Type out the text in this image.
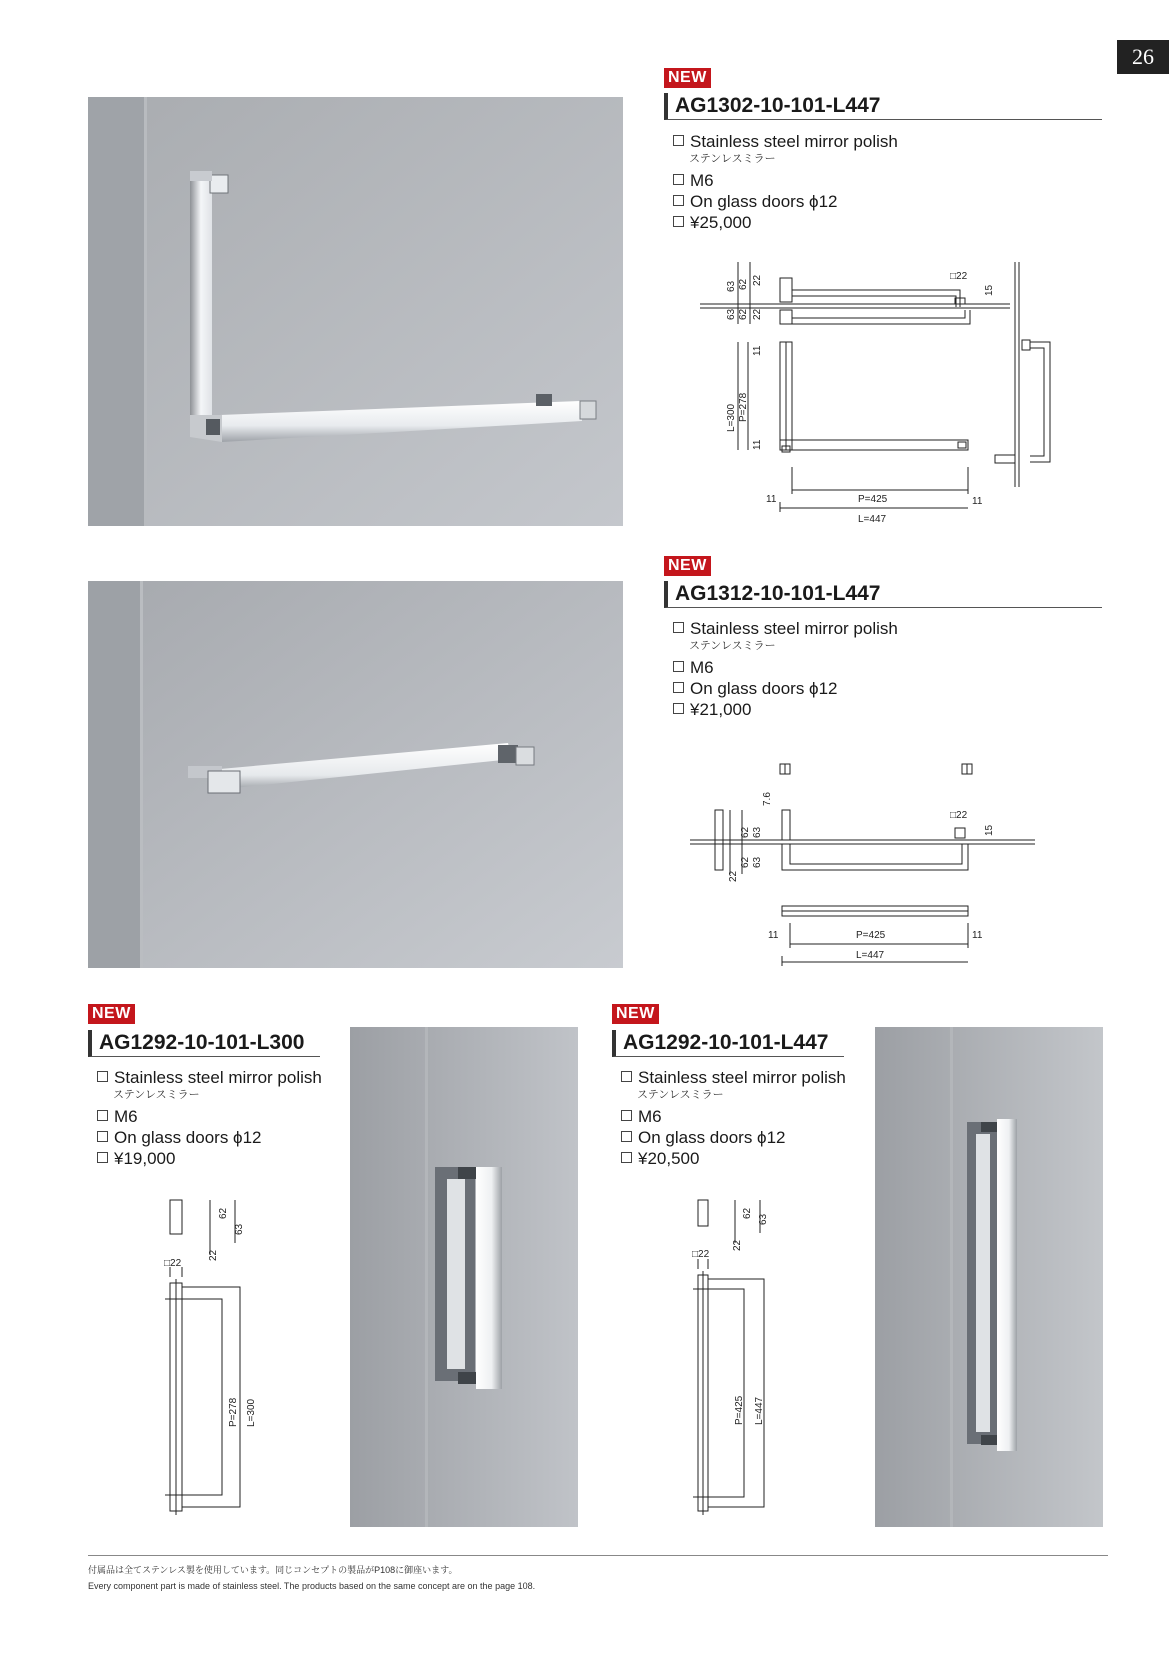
26
NEW
AG1302-10-101-L447
Stainless steel mirror polish
ステンレスミラー
M6
On glass doors ϕ12
¥25,000
63 62 22
63 62 22
11
L=300 P=278
11
□22
15
11	P=425	11
L=447
NEW
AG1312-10-101-L447
Stainless steel mirror polish
ステンレスミラー
M6
On glass doors ϕ12
¥21,000
7.6
62 63
63
62
22
□22
15
11	P=425	11
L=447
NEW
AG1292-10-101-L300
Stainless steel mirror polish
ステンレスミラー
M6
On glass doors ϕ12
¥19,000
62
63
22
□22
P=278 L=300
NEW
AG1292-10-101-L447
Stainless steel mirror polish
ステンレスミラー
M6
On glass doors ϕ12
¥20,500
62
63
22
□22
P=425 L=447
付属品は全てステンレス製を使用しています。同じコンセプトの製品がP108に御座います。
Every component part is made of stainless steel. The products based on the same concept are on the page 108.
